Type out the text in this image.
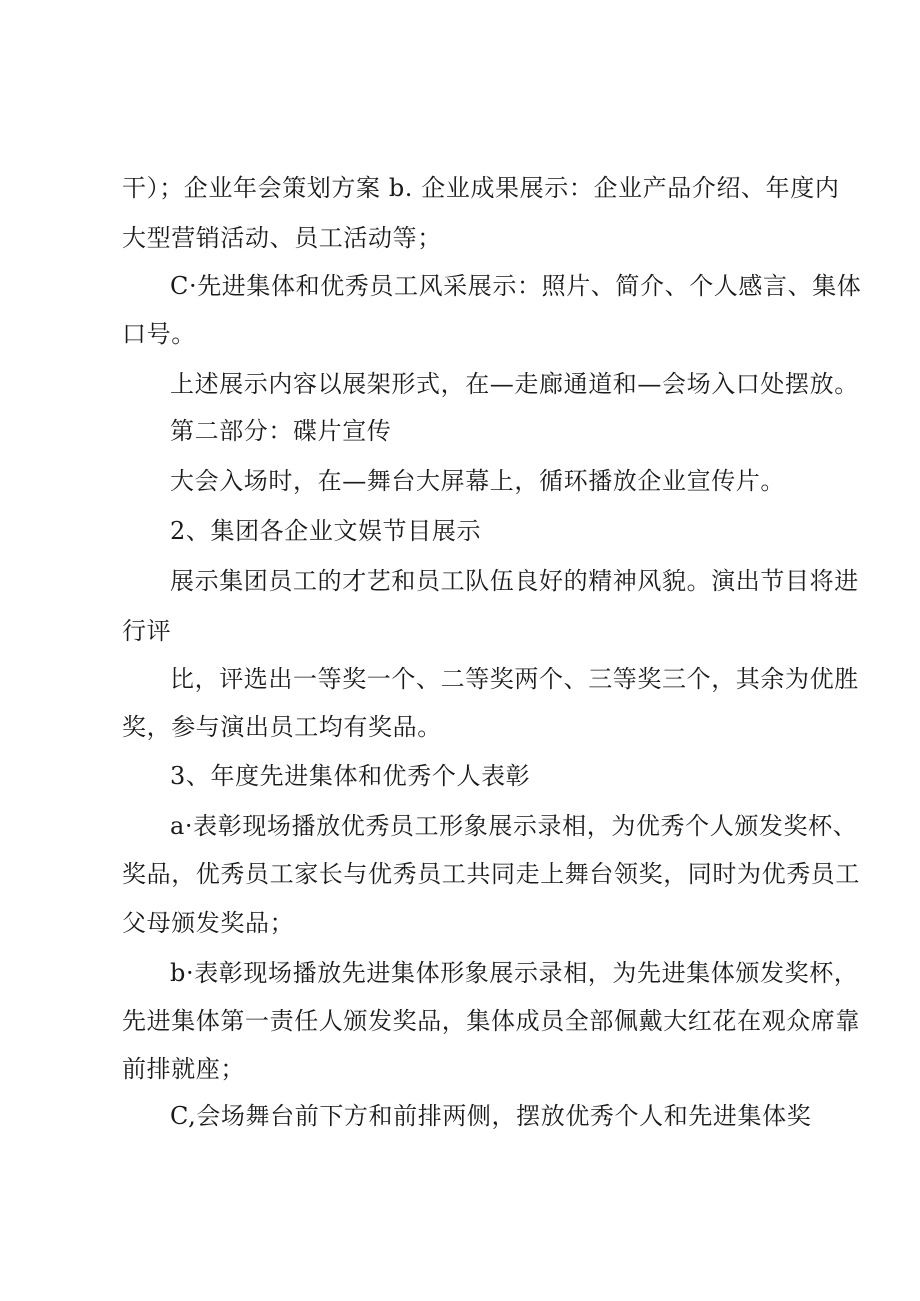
干）；企业年会策划方案 b. 企业成果展示：企业产品介绍、年度内
大型营销活动、员工活动等；
C·先进集体和优秀员工风采展示：照片、简介、个人感言、集体
口号。
上述展示内容以展架形式，在—走廊通道和—会场入口处摆放。
第二部分：碟片宣传
大会入场时，在—舞台大屏幕上，循环播放企业宣传片。
2、集团各企业文娱节目展示
展示集团员工的才艺和员工队伍良好的精神风貌。演出节目将进
行评
比，评选出一等奖一个、二等奖两个、三等奖三个，其余为优胜
奖，参与演出员工均有奖品。
3、年度先进集体和优秀个人表彰
a·表彰现场播放优秀员工形象展示录相，为优秀个人颁发奖杯、
奖品，优秀员工家长与优秀员工共同走上舞台领奖，同时为优秀员工
父母颁发奖品；
b·表彰现场播放先进集体形象展示录相，为先进集体颁发奖杯，
先进集体第一责任人颁发奖品，集体成员全部佩戴大红花在观众席靠
前排就座；
C,会场舞台前下方和前排两侧，摆放优秀个人和先进集体奖
